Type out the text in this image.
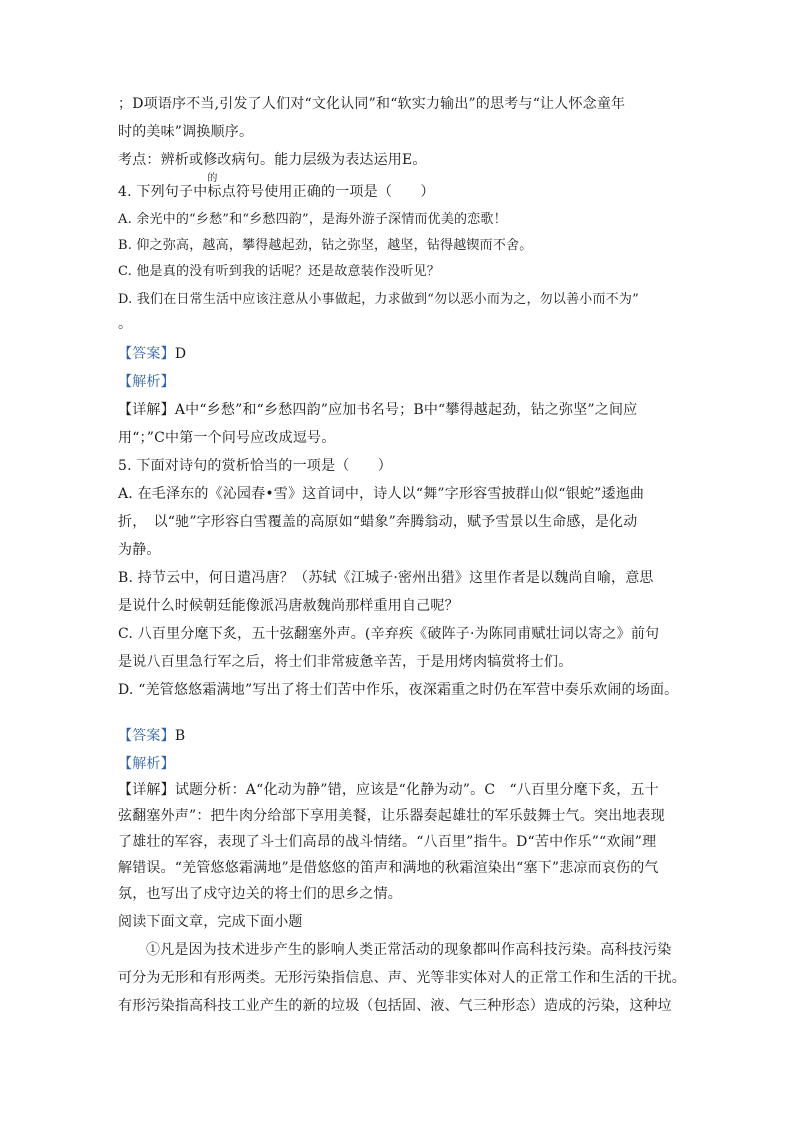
；D项语序不当,引发了人们对“文化认同”和“软实力输出”的思考与“让人怀念童年
时的美味”调换顺序。
考点：辨析或修改病句。能力层级为表达运用E。
4. 下列句子中
的
标点符号使用正确的一项是（　　）
A. 余光中的“乡愁”和“乡愁四韵”，是海外游子深情而优美的恋歌！
B. 仰之弥高，越高，攀得越起劲，钻之弥坚，越坚，钻得越锲而不舍。
C. 他是真的没有听到我的话呢？还是故意装作没听见？
D. 我们在日常生活中应该注意从小事做起，力求做到“勿以恶小而为之，勿以善小而不为”
。
【答案】D
【解析】
【详解】A中“乡愁”和“乡愁四韵”应加书名号；B中“攀得越起劲，钻之弥坚”之间应
用“；”C中第一个问号应改成逗号。
5. 下面对诗句的赏析恰当的一项是（　　）
A. 在毛泽东的《沁园春•雪》这首词中，诗人以“舞”字形容雪披群山似“银蛇”逶迤曲
折，　以“驰”字形容白雪覆盖的高原如“蜡象”奔腾翁动，赋予雪景以生命感，是化动
为静。
B. 持节云中，何日遣冯唐？（苏轼《江城子·密州出猎》这里作者是以魏尚自喻，意思
是说什么时候朝廷能像派冯唐赦魏尚那样重用自己呢？
C. 八百里分麾下炙，五十弦翻塞外声。(辛弃疾《破阵子·为陈同甫赋壮词以寄之》前句
是说八百里急行军之后，将士们非常疲惫辛苦，于是用烤肉犒赏将士们。
D. “羌管悠悠霜满地”写出了将士们苦中作乐，夜深霜重之时仍在军营中奏乐欢闹的场面。
【答案】B
【解析】
【详解】试题分析：A“化动为静”错，应该是“化静为动”。C　“八百里分麾下炙，五十
弦翻塞外声”：把牛肉分给部下享用美餐，让乐器奏起雄壮的军乐鼓舞士气。突出地表现
了雄壮的军容，表现了斗士们高昂的战斗情绪。“八百里”指牛。D“苦中作乐”“欢闹”理
解错误。“羌管悠悠霜满地”是借悠悠的笛声和满地的秋霜渲染出“塞下”悲凉而哀伤的气
氛，也写出了戍守边关的将士们的思乡之情。
阅读下面文章，完成下面小题
①凡是因为技术进步产生的影响人类正常活动的现象都叫作高科技污染。高科技污染
可分为无形和有形两类。无形污染指信息、声、光等非实体对人的正常工作和生活的干扰。
有形污染指高科技工业产生的新的垃圾（包括固、液、气三种形态）造成的污染，这种垃
